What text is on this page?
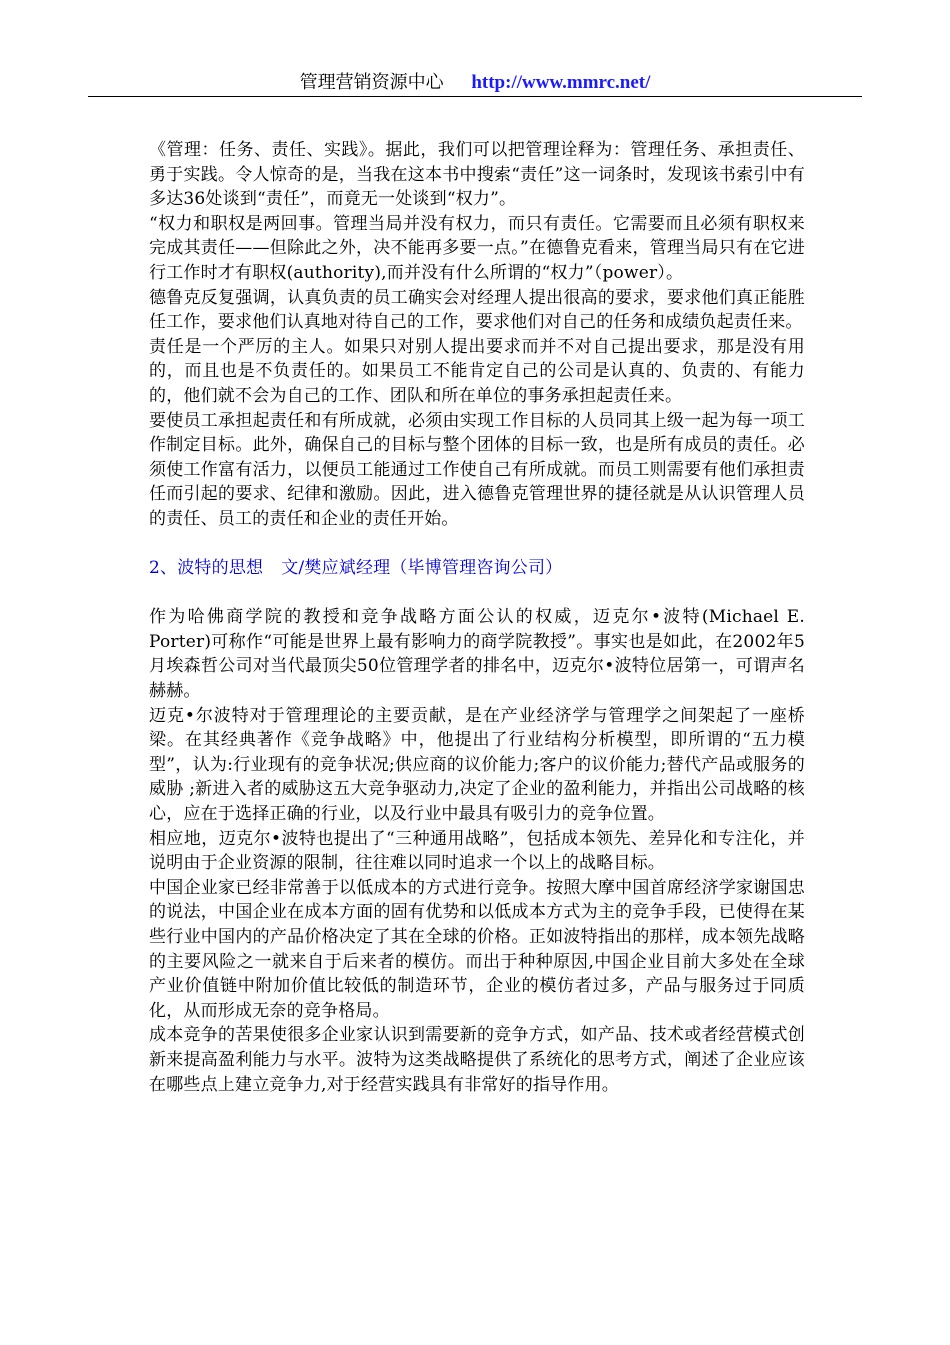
管理营销资源中心 http://www.mmrc.net/

《管理：任务、责任、实践》。据此，我们可以把管理诠释为：管理任务、承担责任、勇于实践。令人惊奇的是，当我在这本书中搜索“责任”这一词条时，发现该书索引中有多达36处谈到“责任”，而竟无一处谈到“权力”。

“权力和职权是两回事。管理当局并没有权力，而只有责任。它需要而且必须有职权来完成其责任——但除此之外，决不能再多要一点。”在德鲁克看来，管理当局只有在它进行工作时才有职权(authority),而并没有什么所谓的“权力”（power）。

德鲁克反复强调，认真负责的员工确实会对经理人提出很高的要求，要求他们真正能胜任工作，要求他们认真地对待自己的工作，要求他们对自己的任务和成绩负起责任来。

责任是一个严厉的主人。如果只对别人提出要求而并不对自己提出要求，那是没有用的，而且也是不负责任的。如果员工不能肯定自己的公司是认真的、负责的、有能力的，他们就不会为自己的工作、团队和所在单位的事务承担起责任来。

要使员工承担起责任和有所成就，必须由实现工作目标的人员同其上级一起为每一项工作制定目标。此外，确保自己的目标与整个团体的目标一致，也是所有成员的责任。必须使工作富有活力，以便员工能通过工作使自己有所成就。而员工则需要有他们承担责任而引起的要求、纪律和激励。因此，进入德鲁克管理世界的捷径就是从认识管理人员的责任、员工的责任和企业的责任开始。

2、波特的思想 文/樊应斌经理（毕博管理咨询公司）

作为哈佛商学院的教授和竞争战略方面公认的权威，迈克尔•波特(Michael E. Porter)可称作“可能是世界上最有影响力的商学院教授”。事实也是如此，在2002年5月埃森哲公司对当代最顶尖50位管理学者的排名中，迈克尔•波特位居第一，可谓声名赫赫。

迈克•尔波特对于管理理论的主要贡献，是在产业经济学与管理学之间架起了一座桥梁。在其经典著作《竞争战略》中，他提出了行业结构分析模型，即所谓的“五力模型”，认为:行业现有的竞争状况;供应商的议价能力;客户的议价能力;替代产品或服务的威胁 ;新进入者的威胁这五大竞争驱动力,决定了企业的盈利能力，并指出公司战略的核心，应在于选择正确的行业，以及行业中最具有吸引力的竞争位置。

相应地，迈克尔•波特也提出了“三种通用战略”，包括成本领先、差异化和专注化，并说明由于企业资源的限制，往往难以同时追求一个以上的战略目标。

中国企业家已经非常善于以低成本的方式进行竞争。按照大摩中国首席经济学家谢国忠的说法，中国企业在成本方面的固有优势和以低成本方式为主的竞争手段，已使得在某些行业中国内的产品价格决定了其在全球的价格。正如波特指出的那样，成本领先战略的主要风险之一就来自于后来者的模仿。而出于种种原因,中国企业目前大多处在全球产业价值链中附加价值比较低的制造环节，企业的模仿者过多，产品与服务过于同质化，从而形成无奈的竞争格局。

成本竞争的苦果使很多企业家认识到需要新的竞争方式，如产品、技术或者经营模式创新来提高盈利能力与水平。波特为这类战略提供了系统化的思考方式，阐述了企业应该在哪些点上建立竞争力,对于经营实践具有非常好的指导作用。
